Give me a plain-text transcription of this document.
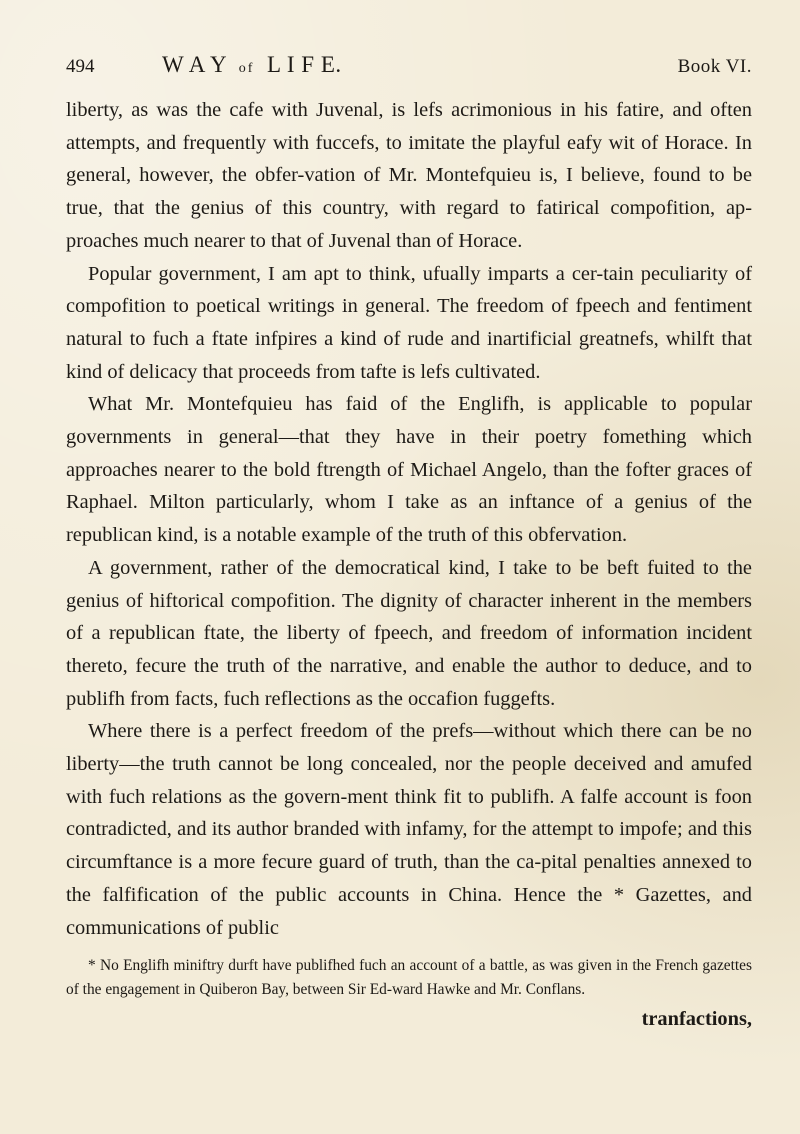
494	W A Y of L I F E.	Book VI.

liberty, as was the cafe with Juvenal, is lefs acrimonious in his fatire, and often attempts, and frequently with fuccefs, to imitate the playful eafy wit of Horace. In general, however, the obfer-vation of Mr. Montefquieu is, I believe, found to be true, that the genius of this country, with regard to fatirical compofition, ap-proaches much nearer to that of Juvenal than of Horace.

Popular government, I am apt to think, ufually imparts a cer-tain peculiarity of compofition to poetical writings in general. The freedom of fpeech and fentiment natural to fuch a ftate infpires a kind of rude and inartificial greatnefs, whilft that kind of delicacy that proceeds from tafte is lefs cultivated.

What Mr. Montefquieu has faid of the Englifh, is applicable to popular governments in general—that they have in their poetry fomething which approaches nearer to the bold ftrength of Michael Angelo, than the fofter graces of Raphael. Milton particularly, whom I take as an inftance of a genius of the republican kind, is a notable example of the truth of this obfervation.

A government, rather of the democratical kind, I take to be beft fuited to the genius of hiftorical compofition. The dignity of character inherent in the members of a republican ftate, the liberty of fpeech, and freedom of information incident thereto, fecure the truth of the narrative, and enable the author to deduce, and to publifh from facts, fuch reflections as the occafion fuggefts.

Where there is a perfect freedom of the prefs—without which there can be no liberty—the truth cannot be long concealed, nor the people deceived and amufed with fuch relations as the govern-ment think fit to publifh. A falfe account is foon contradicted, and its author branded with infamy, for the attempt to impofe; and this circumftance is a more fecure guard of truth, than the ca-pital penalties annexed to the falfification of the public accounts in China. Hence the * Gazettes, and communications of public

* No Englifh miniftry durft have publifhed fuch an account of a battle, as was given in the French gazettes of the engagement in Quiberon Bay, between Sir Ed-ward Hawke and Mr. Conflans.
tranfactions,
